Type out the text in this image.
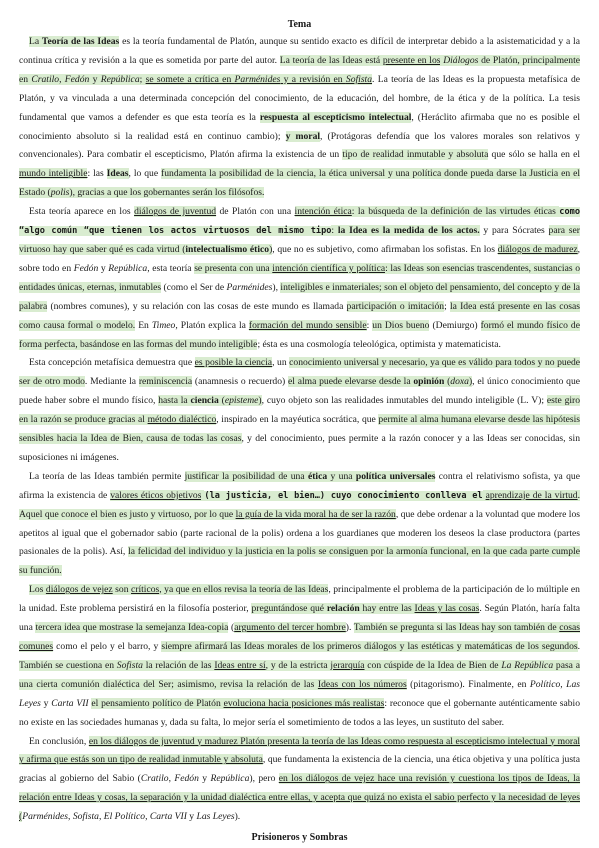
Tema

La Teoría de las Ideas es la teoría fundamental de Platón, aunque su sentido exacto es difícil de interpretar debido a la asistematicidad y a la continua crítica y revisión a la que es sometida por parte del autor. La teoría de las Ideas está presente en los Diálogos de Platón, principalmente en Cratilo, Fedón y República; se somete a crítica en Parménides y a revisión en Sofista. La teoría de las Ideas es la propuesta metafísica de Platón, y va vinculada a una determinada concepción del conocimiento, de la educación, del hombre, de la ética y de la política. La tesis fundamental que vamos a defender es que esta teoría es la respuesta al escepticismo intelectual, (Heráclito afirmaba que no es posible el conocimiento absoluto si la realidad está en continuo cambio); y moral, (Protágoras defendía que los valores morales son relativos y convencionales). Para combatir el escepticismo, Platón afirma la existencia de un tipo de realidad inmutable y absoluta que sólo se halla en el mundo inteligible: las Ideas, lo que fundamenta la posibilidad de la ciencia, la ética universal y una política donde pueda darse la Justicia en el Estado (polis), gracias a que los gobernantes serán los filósofos.

Esta teoría aparece en los diálogos de juventud de Platón con una intención ética: la búsqueda de la definición de las virtudes éticas como “algo común “que tienen los actos virtuosos del mismo tipo: la Idea es la medida de los actos. y para Sócrates para ser virtuoso hay que saber qué es cada virtud (intelectualismo ético), que no es subjetivo, como afirmaban los sofistas. En los diálogos de madurez, sobre todo en Fedón y República, esta teoría se presenta con una intención científica y política: las Ideas son esencias trascendentes, sustancias o entidades únicas, eternas, inmutables (como el Ser de Parménides), inteligibles e inmateriales; son el objeto del pensamiento, del concepto y de la palabra (nombres comunes), y su relación con las cosas de este mundo es llamada participación o imitación; la Idea está presente en las cosas como causa formal o modelo. En Timeo, Platón explica la formación del mundo sensible: un Dios bueno (Demiurgo) formó el mundo físico de forma perfecta, basándose en las formas del mundo inteligible; ésta es una cosmología teleológica, optimista y matematicista.

Esta concepción metafísica demuestra que es posible la ciencia, un conocimiento universal y necesario, ya que es válido para todos y no puede ser de otro modo. Mediante la reminiscencia (anamnesis o recuerdo) el alma puede elevarse desde la opinión (doxa), el único conocimiento que puede haber sobre el mundo físico, hasta la ciencia (episteme), cuyo objeto son las realidades inmutables del mundo inteligible (L. V); este giro en la razón se produce gracias al método dialéctico, inspirado en la mayéutica socrática, que permite al alma humana elevarse desde las hipótesis sensibles hacia la Idea de Bien, causa de todas las cosas, y del conocimiento, pues permite a la razón conocer y a las Ideas ser conocidas, sin suposiciones ni imágenes.

La teoría de las Ideas también permite justificar la posibilidad de una ética y una política universales contra el relativismo sofista, ya que afirma la existencia de valores éticos objetivos (la justicia, el bien…) cuyo conocimiento conlleva el aprendizaje de la virtud. Aquel que conoce el bien es justo y virtuoso, por lo que la guía de la vida moral ha de ser la razón, que debe ordenar a la voluntad que modere los apetitos al igual que el gobernador sabio (parte racional de la polis) ordena a los guardianes que moderen los deseos la clase productora (partes pasionales de la polis). Así, la felicidad del individuo y la justicia en la polis se consiguen por la armonía funcional, en la que cada parte cumple su función.

Los diálogos de vejez son críticos, ya que en ellos revisa la teoría de las Ideas, principalmente el problema de la participación de lo múltiple en la unidad. Este problema persistirá en la filosofía posterior, preguntándose qué relación hay entre las Ideas y las cosas. Según Platón, haría falta una tercera idea que mostrase la semejanza Idea-copia (argumento del tercer hombre). También se pregunta si las Ideas hay son también de cosas comunes como el pelo y el barro, y siempre afirmará las Ideas morales de los primeros diálogos y las estéticas y matemáticas de los segundos. También se cuestiona en Sofista la relación de las Ideas entre sí, y de la estricta jerarquía con cúspide de la Idea de Bien de La República pasa a una cierta comunión dialéctica del Ser; asimismo, revisa la relación de las Ideas con los números (pitagorismo). Finalmente, en Político, Las Leyes y Carta VII el pensamiento político de Platón evoluciona hacia posiciones más realistas: reconoce que el gobernante auténticamente sabio no existe en las sociedades humanas y, dada su falta, lo mejor sería el sometimiento de todos a las leyes, un sustituto del saber.

En conclusión, en los diálogos de juventud y madurez Platón presenta la teoría de las Ideas como respuesta al escepticismo intelectual y moral y afirma que estás son un tipo de realidad inmutable y absoluta, que fundamenta la existencia de la ciencia, una ética objetiva y una política justa gracias al gobierno del Sabio (Cratilo, Fedón y República), pero en los diálogos de vejez hace una revisión y cuestiona los tipos de Ideas, la relación entre Ideas y cosas, la separación y la unidad dialéctica entre ellas, y acepta que quizá no exista el sabio perfecto y la necesidad de leyes (Parménides, Sofista, El Político, Carta VII y Las Leyes).

Prisioneros y Sombras
